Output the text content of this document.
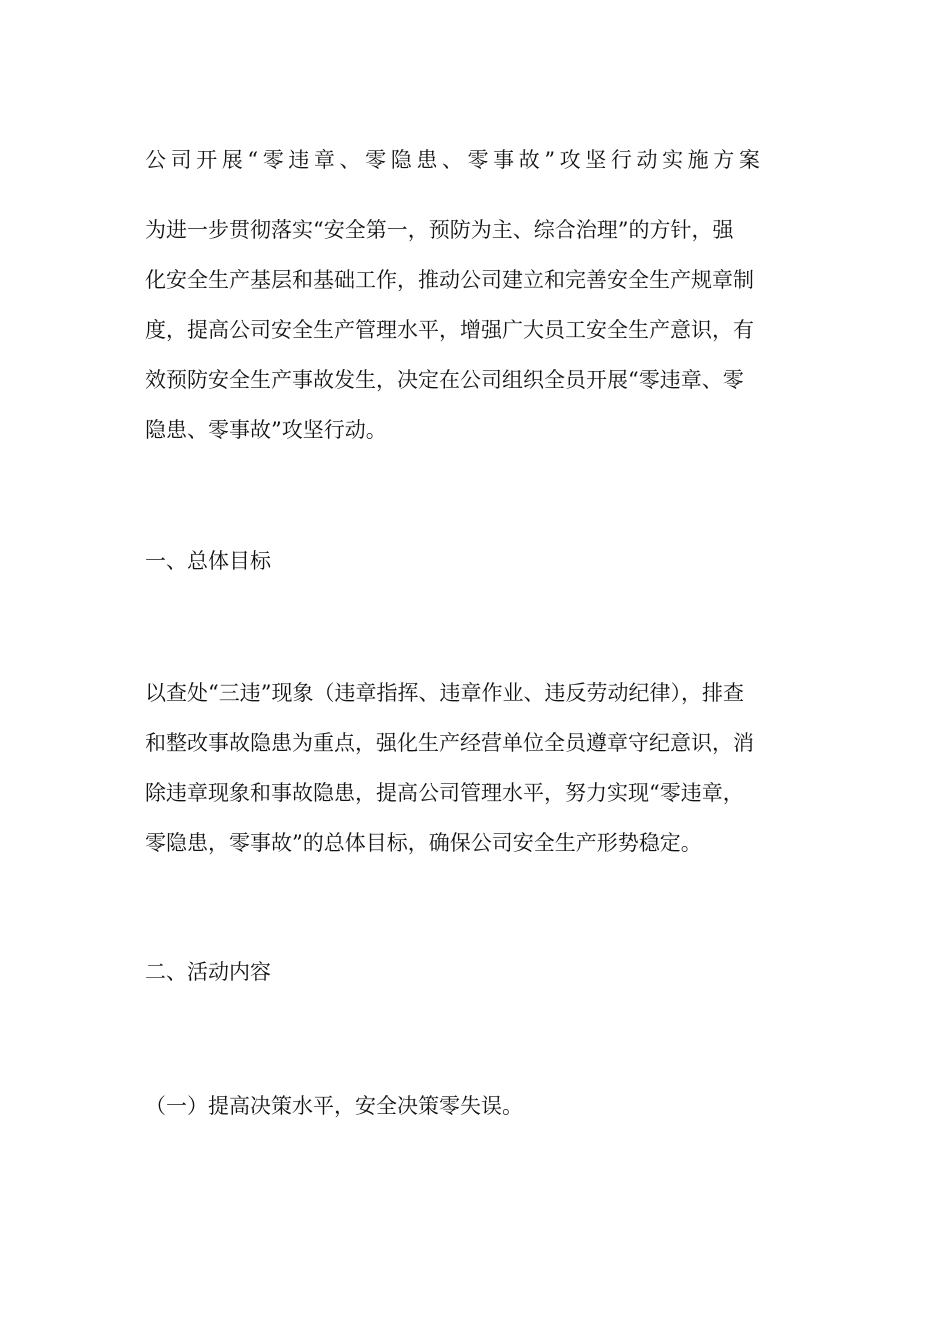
公司开展“零违章、零隐患、零事故”攻坚行动实施方案
为进一步贯彻落实“安全第一，预防为主、综合治理”的方针，强
化安全生产基层和基础工作，推动公司建立和完善安全生产规章制
度，提高公司安全生产管理水平，增强广大员工安全生产意识，有
效预防安全生产事故发生，决定在公司组织全员开展“零违章、零
隐患、零事故”攻坚行动。
一、总体目标
以查处“三违”现象（违章指挥、违章作业、违反劳动纪律），排查
和整改事故隐患为重点，强化生产经营单位全员遵章守纪意识，消
除违章现象和事故隐患，提高公司管理水平，努力实现“零违章，
零隐患，零事故”的总体目标，确保公司安全生产形势稳定。
二、活动内容
（一）提高决策水平，安全决策零失误。
